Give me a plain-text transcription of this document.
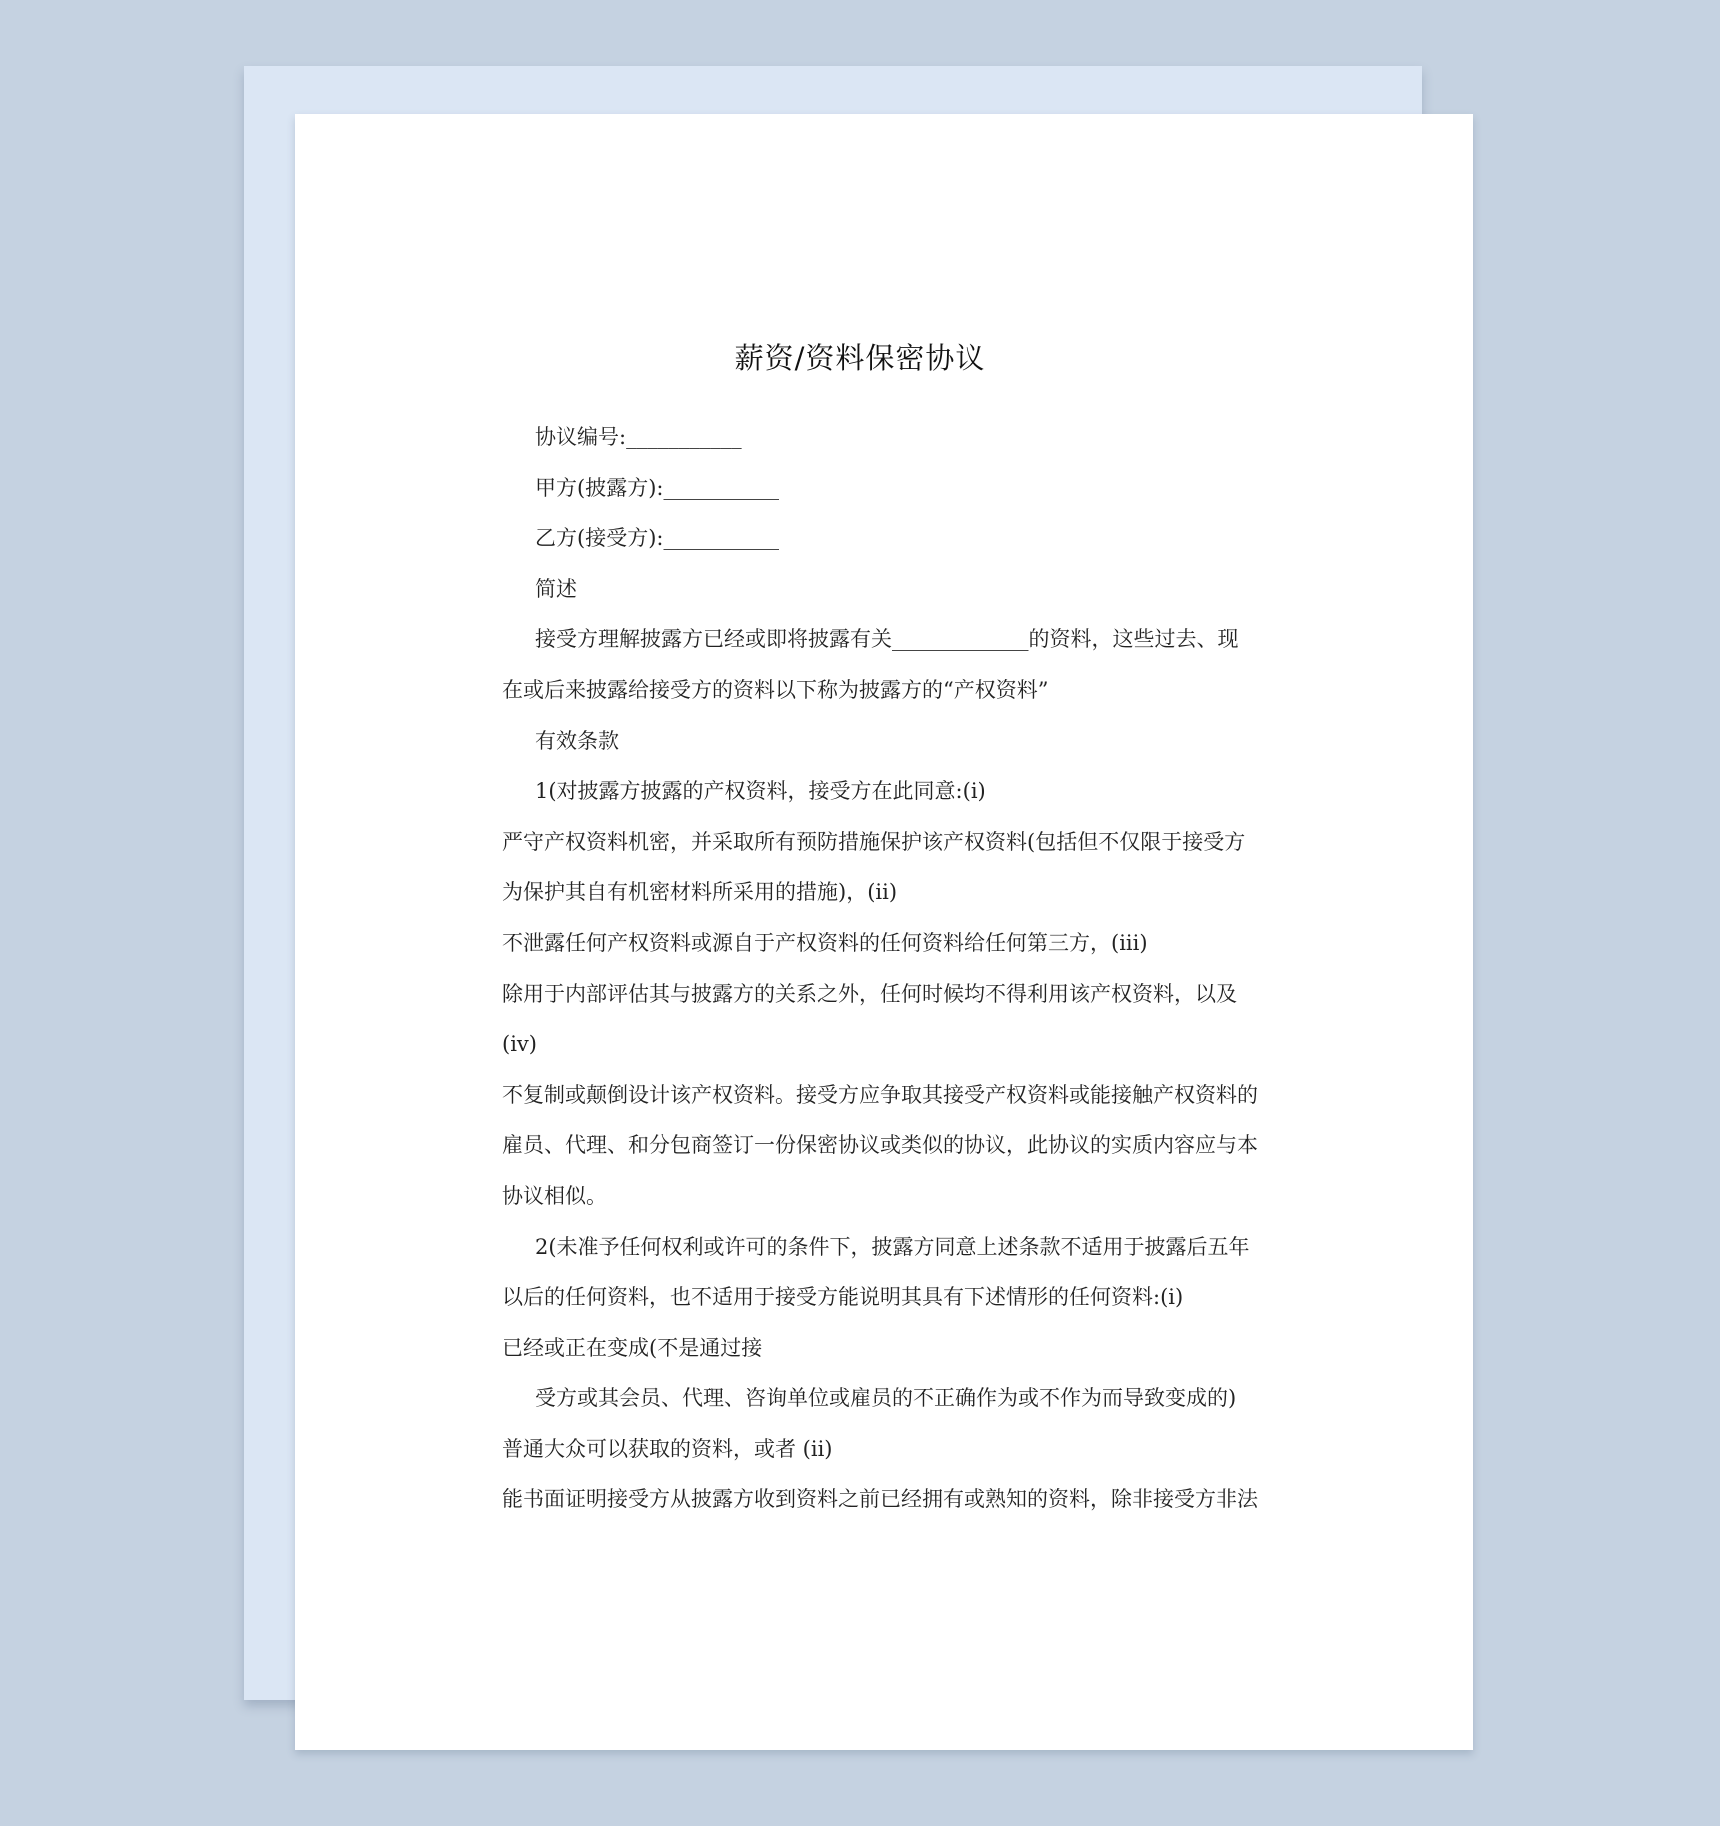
薪资/资料保密协议
协议编号:___________
甲方(披露方):___________
乙方(接受方):___________
简述
接受方理解披露方已经或即将披露有关_____________的资料，这些过去、现
在或后来披露给接受方的资料以下称为披露方的“产权资料”
有效条款
1(对披露方披露的产权资料，接受方在此同意:(i)
严守产权资料机密，并采取所有预防措施保护该产权资料(包括但不仅限于接受方
为保护其自有机密材料所采用的措施)，(ii)
不泄露任何产权资料或源自于产权资料的任何资料给任何第三方，(iii)
除用于内部评估其与披露方的关系之外，任何时候均不得利用该产权资料，以及
(iv)
不复制或颠倒设计该产权资料。接受方应争取其接受产权资料或能接触产权资料的
雇员、代理、和分包商签订一份保密协议或类似的协议，此协议的实质内容应与本
协议相似。
2(未准予任何权利或许可的条件下，披露方同意上述条款不适用于披露后五年
以后的任何资料，也不适用于接受方能说明其具有下述情形的任何资料:(i)
已经或正在变成(不是通过接
受方或其会员、代理、咨询单位或雇员的不正确作为或不作为而导致变成的)
普通大众可以获取的资料，或者 (ii)
能书面证明接受方从披露方收到资料之前已经拥有或熟知的资料，除非接受方非法
